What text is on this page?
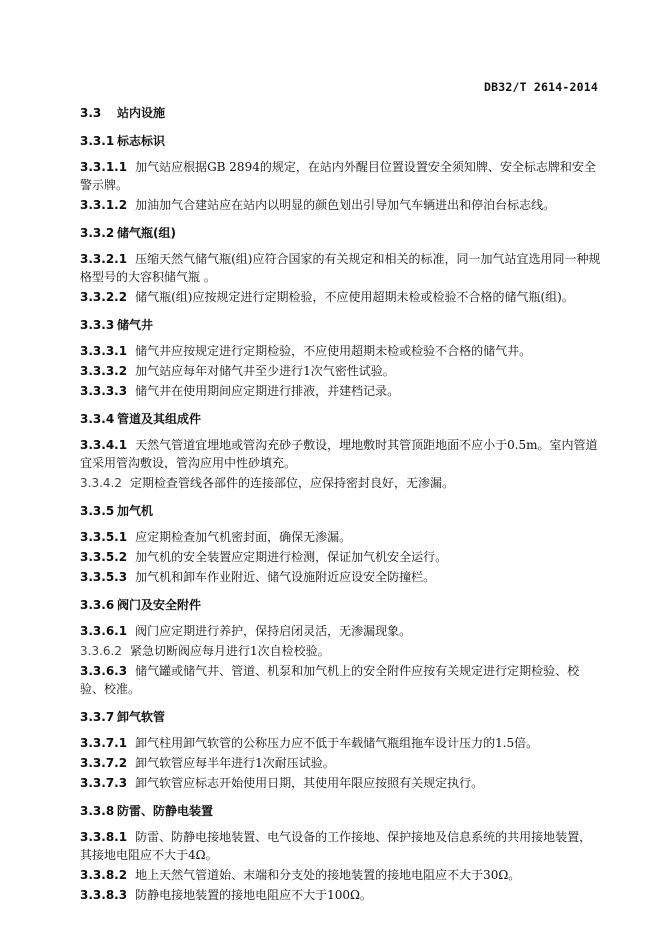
DB32/T 2614-2014
3.3 站内设施
3.3.1 标志标识
3.3.1.1 加气站应根据GB 2894的规定，在站内外醒目位置设置安全须知牌、安全标志牌和安全警示牌。
3.3.1.2 加油加气合建站应在站内以明显的颜色划出引导加气车辆进出和停泊台标志线。
3.3.2 储气瓶(组)
3.3.2.1 压缩天然气储气瓶(组)应符合国家的有关规定和相关的标准，同一加气站宜选用同一种规格型号的大容积储气瓶 。
3.3.2.2 储气瓶(组)应按规定进行定期检验，不应使用超期未检或检验不合格的储气瓶(组)。
3.3.3 储气井
3.3.3.1 储气井应按规定进行定期检验，不应使用超期未检或检验不合格的储气井。
3.3.3.2 加气站应每年对储气井至少进行1次气密性试验。
3.3.3.3 储气井在使用期间应定期进行排液，并建档记录。
3.3.4 管道及其组成件
3.3.4.1 天然气管道宜埋地或管沟充砂子敷设，埋地敷时其管顶距地面不应小于0.5m。室内管道宜采用管沟敷设，管沟应用中性砂填充。
3.3.4.2 定期检查管线各部件的连接部位，应保持密封良好，无渗漏。
3.3.5 加气机
3.3.5.1 应定期检查加气机密封面，确保无渗漏。
3.3.5.2 加气机的安全装置应定期进行检测，保证加气机安全运行。
3.3.5.3 加气机和卸车作业附近、储气设施附近应设安全防撞栏。
3.3.6 阀门及安全附件
3.3.6.1 阀门应定期进行养护，保持启闭灵活，无渗漏现象。
3.3.6.2 紧急切断阀应每月进行1次自检校验。
3.3.6.3 储气罐或储气井、管道、机泵和加气机上的安全附件应按有关规定进行定期检验、校验、校准。
3.3.7 卸气软管
3.3.7.1 卸气柱用卸气软管的公称压力应不低于车载储气瓶组拖车设计压力的1.5倍。
3.3.7.2 卸气软管应每半年进行1次耐压试验。
3.3.7.3 卸气软管应标志开始使用日期，其使用年限应按照有关规定执行。
3.3.8 防雷、防静电装置
3.3.8.1 防雷、防静电接地装置、电气设备的工作接地、保护接地及信息系统的共用接地装置，其接地电阻应不大于4Ω。
3.3.8.2 地上天然气管道始、末端和分支处的接地装置的接地电阻应不大于30Ω。
3.3.8.3 防静电接地装置的接地电阻应不大于100Ω。
